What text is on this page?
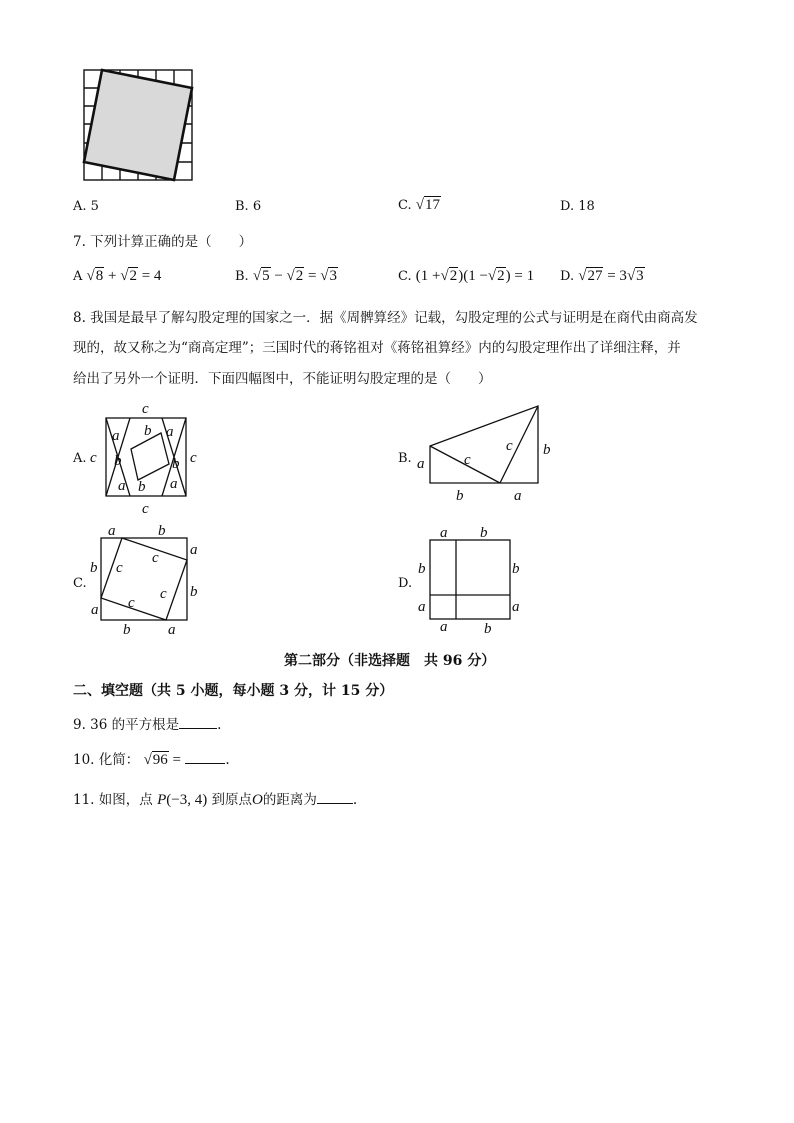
A. 5	B. 6	C. √17	D. 18
7. 下列计算正确的是（　　）
A √8 + √2 = 4	B. √5 − √2 = √3	C. (1 +√2)(1 −√2) = 1 D. √27 = 3√3
8. 我国是最早了解勾股定理的国家之一．据《周髀算经》记载，勾股定理的公式与证明是在商代由商高发
现的，故又称之为“商高定理”；三国时代的蒋铭祖对《蒋铭祖算经》内的勾股定理作出了详细注释，并
给出了另外一个证明．下面四幅图中，不能证明勾股定理的是（　　）
A.	B.
C.	D.
c
c	c
c
a b a
b	b
a b a
a	c
c b
b	a
a	b
b
a
c
c
c
c
b
a
b	a
a b
b	b
a	a
a b
第二部分（非选择题　共 96 分）
二、填空题（共 5 小题，每小题 3 分，计 15 分）
9. 36 的平方根是	.
10. 化简： √96 =	.
11. 如图，点 P(−3, 4) 到原点O的距离为	.
